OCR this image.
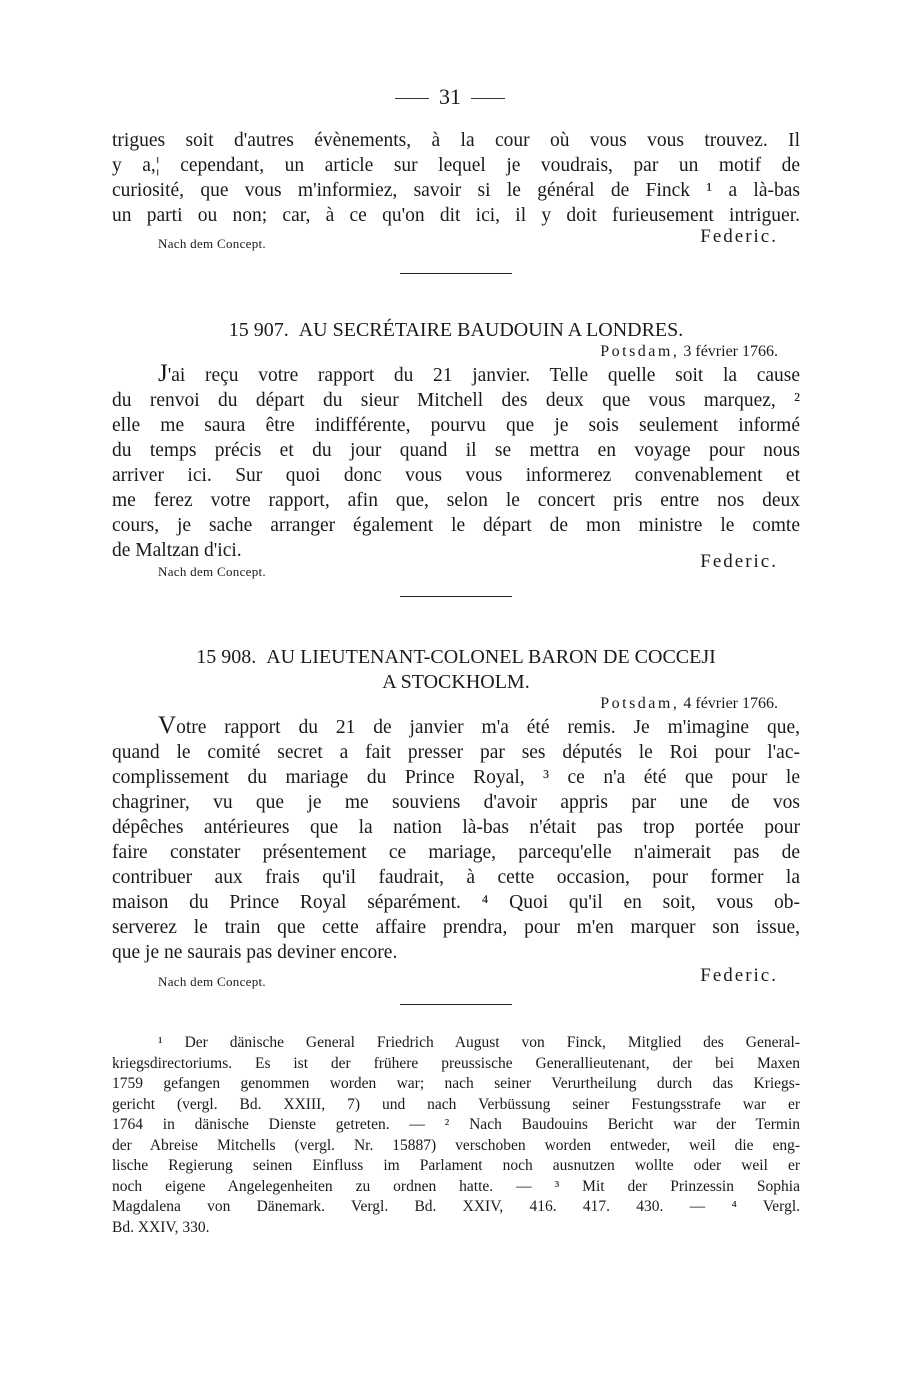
31
trigues soit d'autres évènements, à la cour où vous vous trouvez. Il
y a,¦ cependant, un article sur lequel je voudrais, par un motif de
curiosité, que vous m'informiez, savoir si le général de Finck ¹ a là-bas
un parti ou non; car, à ce qu'on dit ici, il y doit furieusement intriguer.
Nach dem Concept.	Federic.
15 907. AU SECRÉTAIRE BAUDOUIN A LONDRES.
Potsdam, 3 février 1766.
J'ai reçu votre rapport du 21 janvier. Telle quelle soit la cause
du renvoi du départ du sieur Mitchell des deux que vous marquez, ²
elle me saura être indifférente, pourvu que je sois seulement informé
du temps précis et du jour quand il se mettra en voyage pour nous
arriver ici. Sur quoi donc vous vous informerez convenablement et
me ferez votre rapport, afin que, selon le concert pris entre nos deux
cours, je sache arranger également le départ de mon ministre le comte
de Maltzan d'ici.
Nach dem Concept.	Federic.
15 908. AU LIEUTENANT-COLONEL BARON DE COCCEJI
A STOCKHOLM.
Potsdam, 4 février 1766.
Votre rapport du 21 de janvier m'a été remis. Je m'imagine que,
quand le comité secret a fait presser par ses députés le Roi pour l'ac-
complissement du mariage du Prince Royal, ³ ce n'a été que pour le
chagriner, vu que je me souviens d'avoir appris par une de vos
dépêches antérieures que la nation là-bas n'était pas trop portée pour
faire constater présentement ce mariage, parcequ'elle n'aimerait pas de
contribuer aux frais qu'il faudrait, à cette occasion, pour former la
maison du Prince Royal séparément. ⁴ Quoi qu'il en soit, vous ob-
serverez le train que cette affaire prendra, pour m'en marquer son issue,
que je ne saurais pas deviner encore.
Nach dem Concept.	Federic.
¹ Der dänische General Friedrich August von Finck, Mitglied des General-
kriegsdirectoriums. Es ist der frühere preussische Generallieutenant, der bei Maxen
1759 gefangen genommen worden war; nach seiner Verurtheilung durch das Kriegs-
gericht (vergl. Bd. XXIII, 7) und nach Verbüssung seiner Festungsstrafe war er
1764 in dänische Dienste getreten. — ² Nach Baudouins Bericht war der Termin
der Abreise Mitchells (vergl. Nr. 15887) verschoben worden entweder, weil die eng-
lische Regierung seinen Einfluss im Parlament noch ausnutzen wollte oder weil er
noch eigene Angelegenheiten zu ordnen hatte. — ³ Mit der Prinzessin Sophia
Magdalena von Dänemark. Vergl. Bd. XXIV, 416. 417. 430. — ⁴ Vergl.
Bd. XXIV, 330.
